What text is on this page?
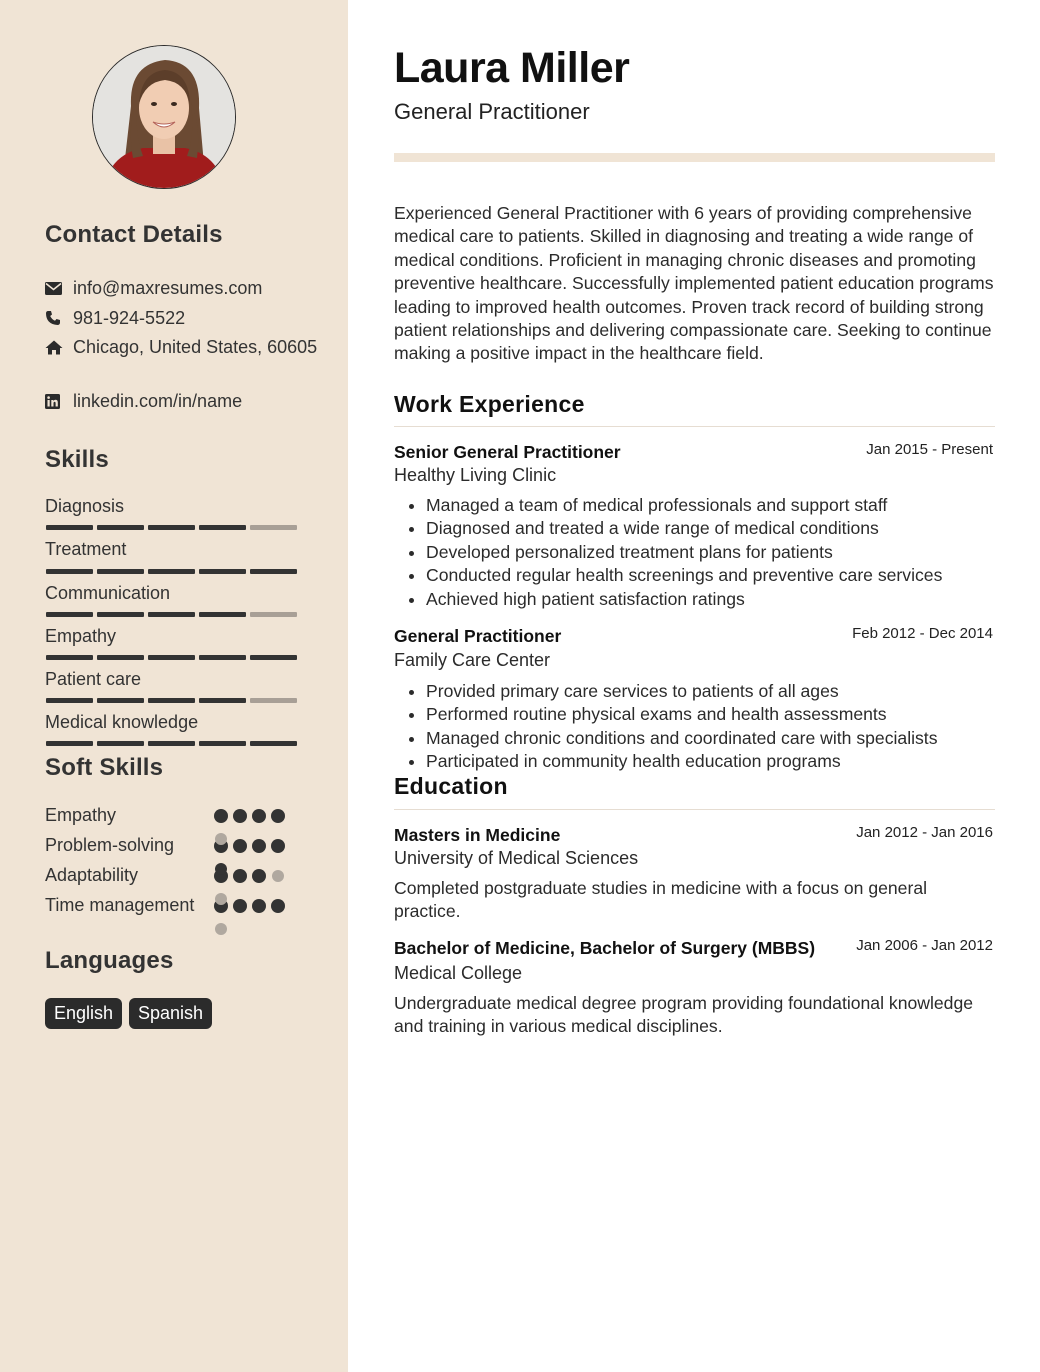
Contact Details
info@maxresumes.com
981-924-5522
Chicago, United States, 60605
linkedin.com/in/name
Skills
Diagnosis
Treatment
Communication
Empathy
Patient care
Medical knowledge
Soft Skills
Empathy
Problem-solving
Adaptability
Time management
Languages
English	Spanish
Laura Miller
General Practitioner
Experienced General Practitioner with 6 years of providing comprehensive medical care to patients. Skilled in diagnosing and treating a wide range of medical conditions. Proficient in managing chronic diseases and promoting preventive healthcare. Successfully implemented patient education programs leading to improved health outcomes. Proven track record of building strong patient relationships and delivering compassionate care. Seeking to continue making a positive impact in the healthcare field.
Work Experience
Senior General Practitioner	Jan 2015 - Present
Healthy Living Clinic
• Managed a team of medical professionals and support staff
• Diagnosed and treated a wide range of medical conditions
• Developed personalized treatment plans for patients
• Conducted regular health screenings and preventive care services
• Achieved high patient satisfaction ratings
General Practitioner	Feb 2012 - Dec 2014
Family Care Center
• Provided primary care services to patients of all ages
• Performed routine physical exams and health assessments
• Managed chronic conditions and coordinated care with specialists
• Participated in community health education programs
Education
Masters in Medicine	Jan 2012 - Jan 2016
University of Medical Sciences
Completed postgraduate studies in medicine with a focus on general practice.
Bachelor of Medicine, Bachelor of Surgery (MBBS)	Jan 2006 - Jan 2012
Medical College
Undergraduate medical degree program providing foundational knowledge and training in various medical disciplines.
